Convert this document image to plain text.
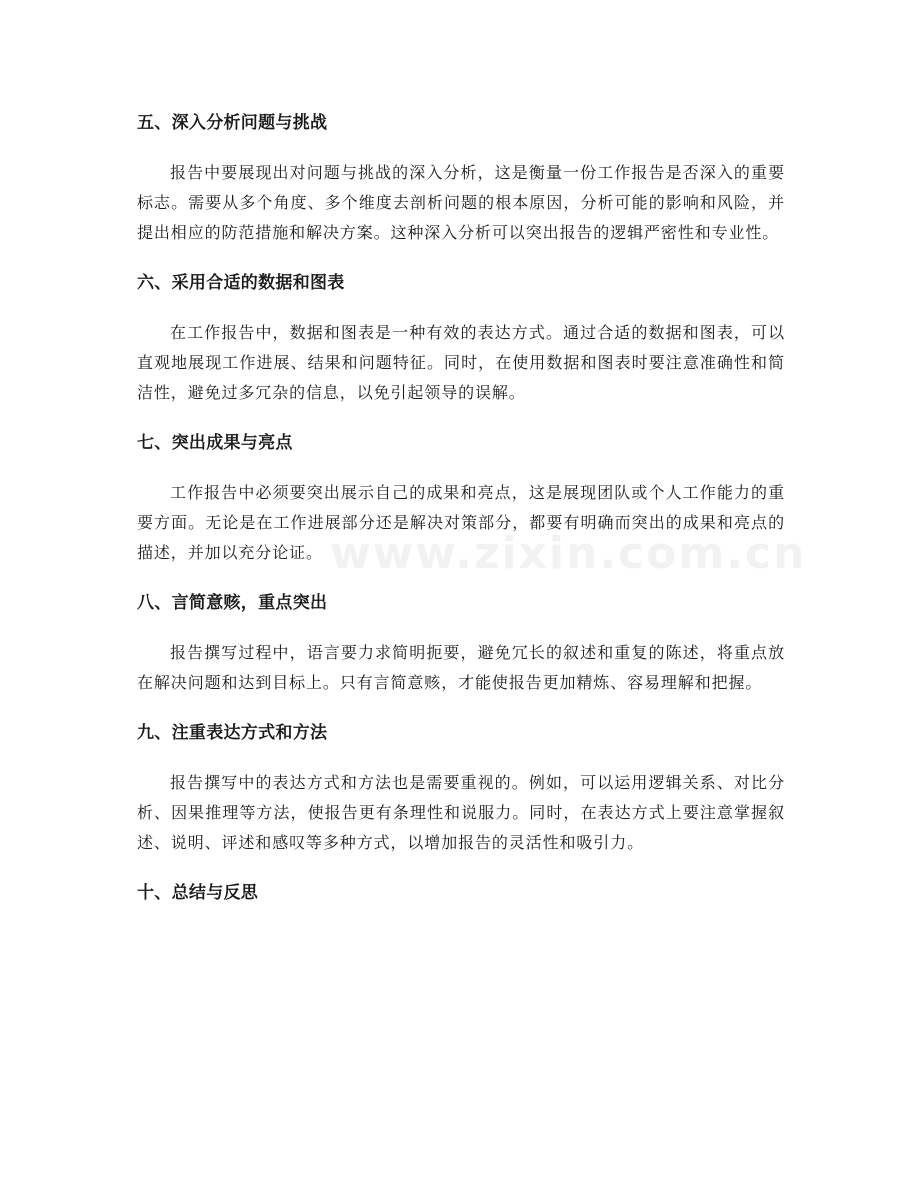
www.zixin.com.cn
五、深入分析问题与挑战

报告中要展现出对问题与挑战的深入分析，这是衡量一份工作报告是否深入的重要标志。需要从多个角度、多个维度去剖析问题的根本原因，分析可能的影响和风险，并提出相应的防范措施和解决方案。这种深入分析可以突出报告的逻辑严密性和专业性。

六、采用合适的数据和图表

在工作报告中，数据和图表是一种有效的表达方式。通过合适的数据和图表，可以直观地展现工作进展、结果和问题特征。同时，在使用数据和图表时要注意准确性和简洁性，避免过多冗杂的信息，以免引起领导的误解。

七、突出成果与亮点

工作报告中必须要突出展示自己的成果和亮点，这是展现团队或个人工作能力的重要方面。无论是在工作进展部分还是解决对策部分，都要有明确而突出的成果和亮点的描述，并加以充分论证。

八、言简意赅，重点突出

报告撰写过程中，语言要力求简明扼要，避免冗长的叙述和重复的陈述，将重点放在解决问题和达到目标上。只有言简意赅，才能使报告更加精炼、容易理解和把握。

九、注重表达方式和方法

报告撰写中的表达方式和方法也是需要重视的。例如，可以运用逻辑关系、对比分析、因果推理等方法，使报告更有条理性和说服力。同时，在表达方式上要注意掌握叙述、说明、评述和感叹等多种方式，以增加报告的灵活性和吸引力。

十、总结与反思
